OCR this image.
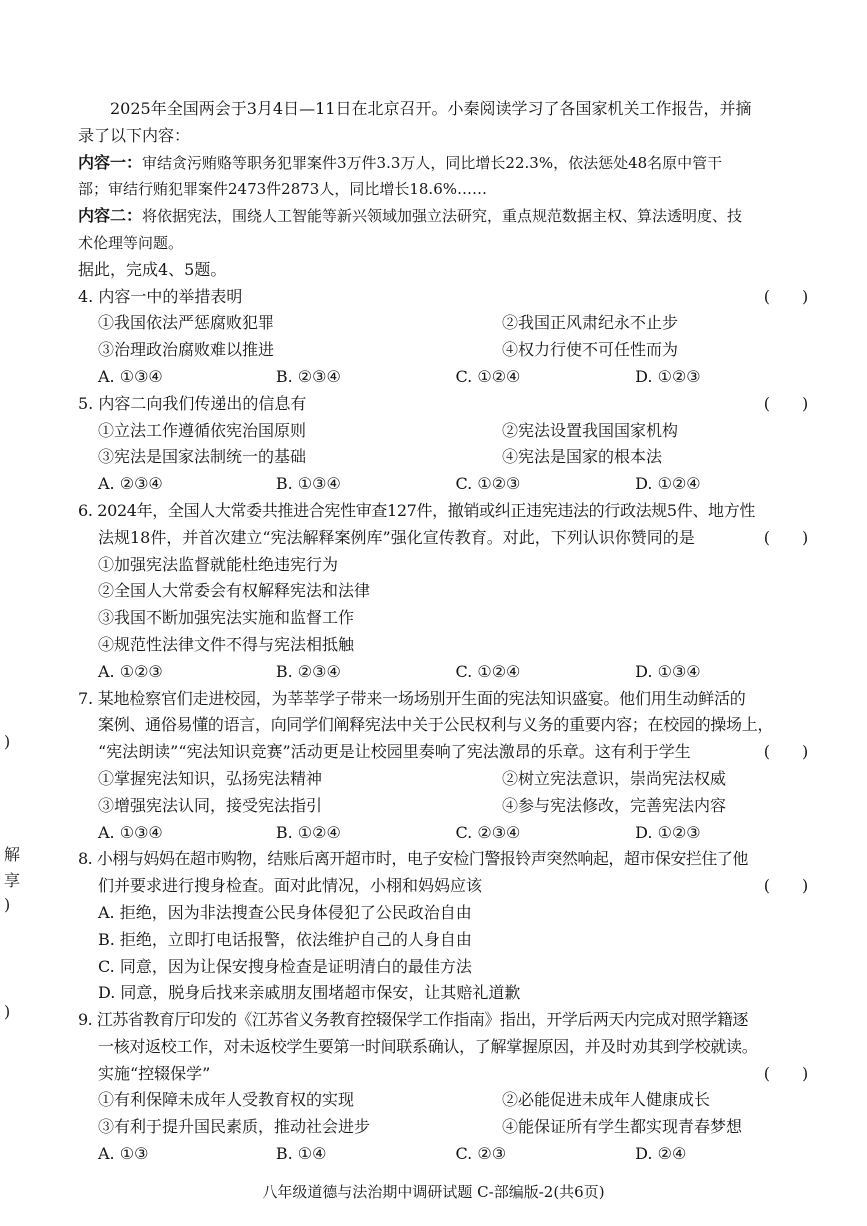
)
解
享
)
)
2025年全国两会于3月4日—11日在北京召开。小秦阅读学习了各国家机关工作报告，并摘
录了以下内容：
内容一：审结贪污贿赂等职务犯罪案件3万件3.3万人，同比增长22.3%，依法惩处48名原中管干
部；审结行贿犯罪案件2473件2873人，同比增长18.6%……
内容二：将依据宪法，围绕人工智能等新兴领域加强立法研究，重点规范数据主权、算法透明度、技
术伦理等问题。
据此，完成4、5题。
4. 内容一中的举措表明	(　　)
①我国依法严惩腐败犯罪	②我国正风肃纪永不止步
③治理政治腐败难以推进	④权力行使不可任性而为
A. ①③④	B. ②③④	C. ①②④	D. ①②③
5. 内容二向我们传递出的信息有	(　　)
①立法工作遵循依宪治国原则	②宪法设置我国国家机构
③宪法是国家法制统一的基础	④宪法是国家的根本法
A. ②③④	B. ①③④	C. ①②③	D. ①②④
6. 2024年，全国人大常委共推进合宪性审查127件，撤销或纠正违宪违法的行政法规5件、地方性
法规18件，并首次建立“宪法解释案例库”强化宣传教育。对此，下列认识你赞同的是	(　　)
①加强宪法监督就能杜绝违宪行为
②全国人大常委会有权解释宪法和法律
③我国不断加强宪法实施和监督工作
④规范性法律文件不得与宪法相抵触
A. ①②③	B. ②③④	C. ①②④	D. ①③④
7. 某地检察官们走进校园，为莘莘学子带来一场场别开生面的宪法知识盛宴。他们用生动鲜活的
案例、通俗易懂的语言，向同学们阐释宪法中关于公民权利与义务的重要内容；在校园的操场上，
“宪法朗读”“宪法知识竞赛”活动更是让校园里奏响了宪法激昂的乐章。这有利于学生	(　　)
①掌握宪法知识，弘扬宪法精神	②树立宪法意识，崇尚宪法权威
③增强宪法认同，接受宪法指引	④参与宪法修改，完善宪法内容
A. ①③④	B. ①②④	C. ②③④	D. ①②③
8. 小栩与妈妈在超市购物，结账后离开超市时，电子安检门警报铃声突然响起，超市保安拦住了他
们并要求进行搜身检查。面对此情况，小栩和妈妈应该	(　　)
A. 拒绝，因为非法搜查公民身体侵犯了公民政治自由
B. 拒绝，立即打电话报警，依法维护自己的人身自由
C. 同意，因为让保安搜身检查是证明清白的最佳方法
D. 同意，脱身后找来亲戚朋友围堵超市保安，让其赔礼道歉
9. 江苏省教育厅印发的《江苏省义务教育控辍保学工作指南》指出，开学后两天内完成对照学籍逐
一核对返校工作，对未返校学生要第一时间联系确认，了解掌握原因，并及时劝其到学校就读。
实施“控辍保学”	(　　)
①有利保障未成年人受教育权的实现	②必能促进未成年人健康成长
③有利于提升国民素质，推动社会进步	④能保证所有学生都实现青春梦想
A. ①③	B. ①④	C. ②③	D. ②④
八年级道德与法治期中调研试题 C-部编版-2(共6页)
